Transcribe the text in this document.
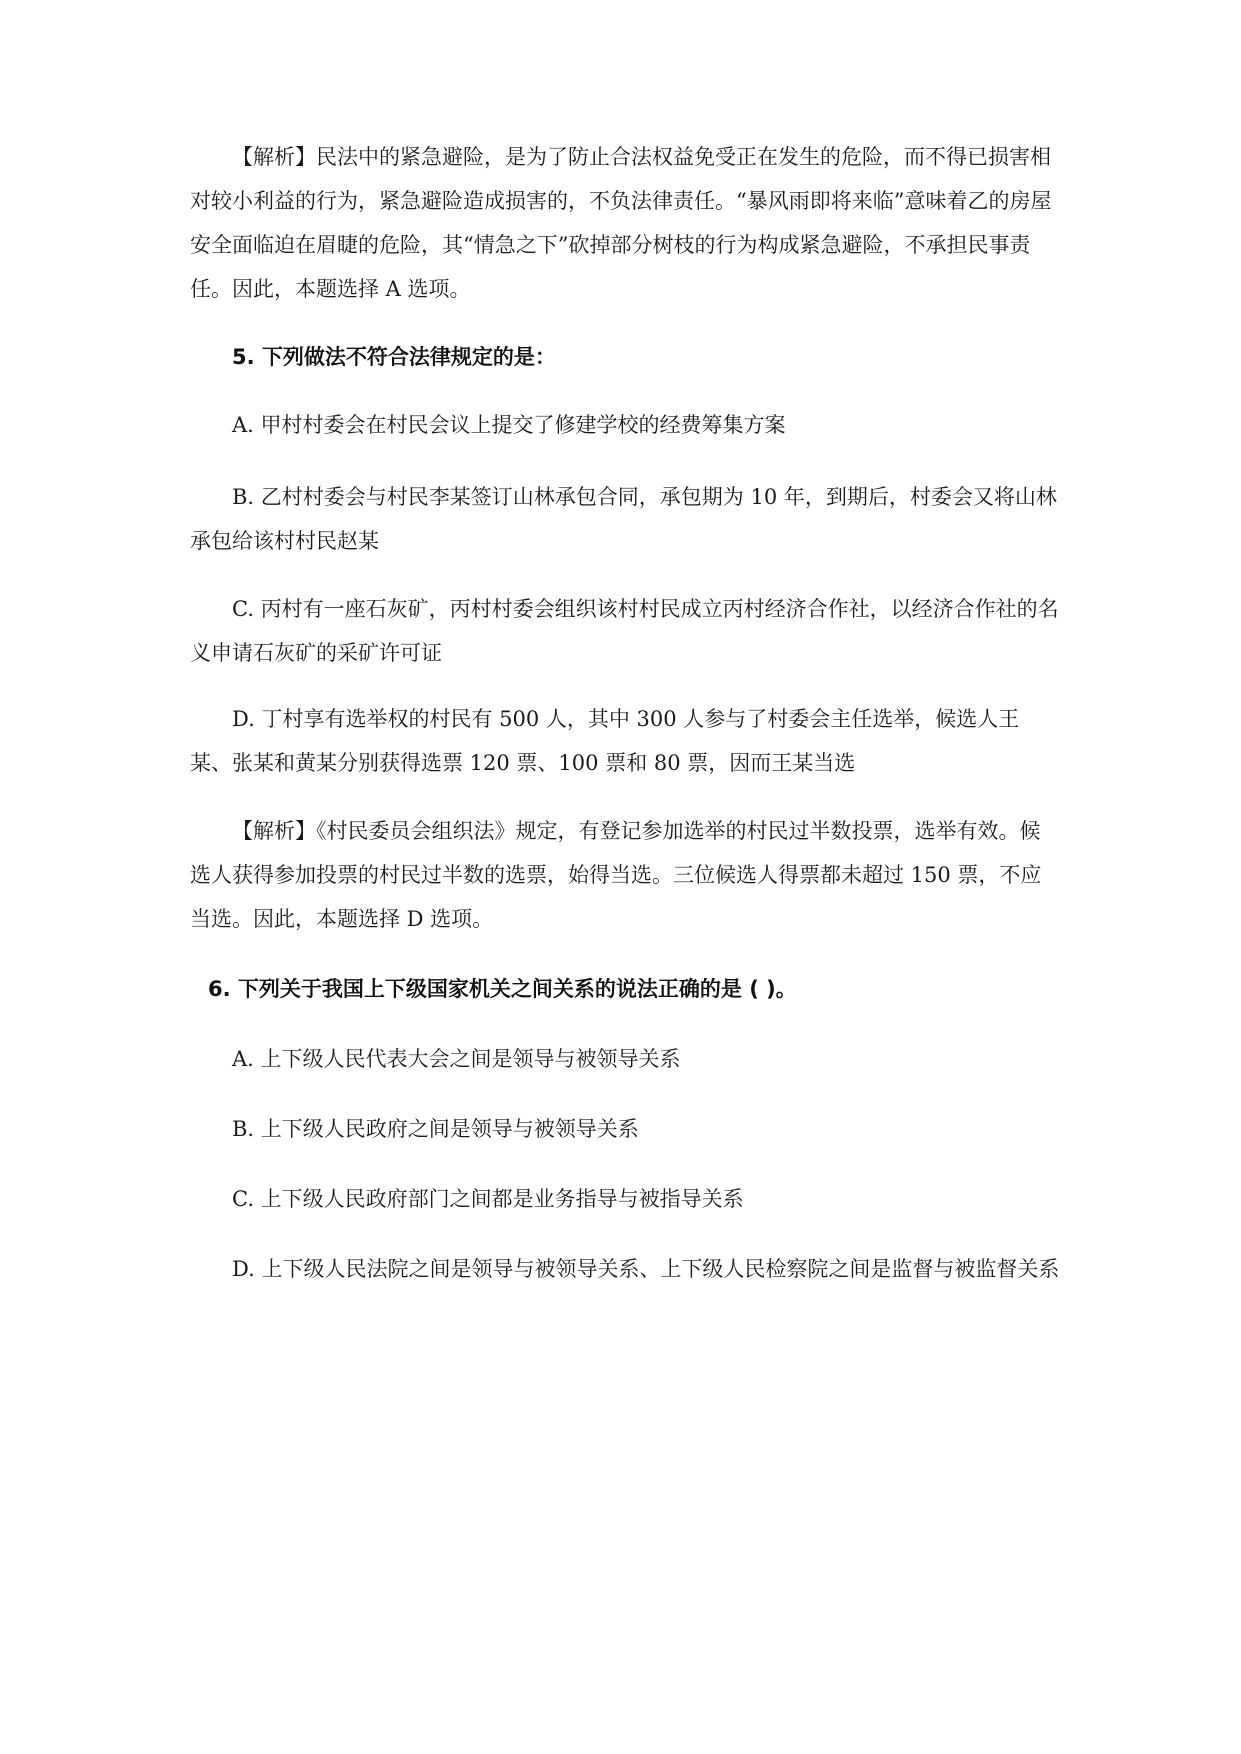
【解析】民法中的紧急避险，是为了防止合法权益免受正在发生的危险，而不得已损害相对较小利益的行为，紧急避险造成损害的，不负法律责任。“暴风雨即将来临”意味着乙的房屋安全面临迫在眉睫的危险，其“情急之下”砍掉部分树枝的行为构成紧急避险，不承担民事责任。因此，本题选择 A 选项。

5. 下列做法不符合法律规定的是：

A. 甲村村委会在村民会议上提交了修建学校的经费筹集方案

B. 乙村村委会与村民李某签订山林承包合同，承包期为 10 年，到期后，村委会又将山林承包给该村村民赵某

C. 丙村有一座石灰矿，丙村村委会组织该村村民成立丙村经济合作社，以经济合作社的名义申请石灰矿的采矿许可证

D. 丁村享有选举权的村民有 500 人，其中 300 人参与了村委会主任选举，候选人王某、张某和黄某分别获得选票 120 票、100 票和 80 票，因而王某当选

【解析】《村民委员会组织法》规定，有登记参加选举的村民过半数投票，选举有效。候选人获得参加投票的村民过半数的选票，始得当选。三位候选人得票都未超过 150 票，不应当选。因此，本题选择 D 选项。

6. 下列关于我国上下级国家机关之间关系的说法正确的是 ( )。

A. 上下级人民代表大会之间是领导与被领导关系

B. 上下级人民政府之间是领导与被领导关系

C. 上下级人民政府部门之间都是业务指导与被指导关系

D. 上下级人民法院之间是领导与被领导关系、上下级人民检察院之间是监督与被监督关系
